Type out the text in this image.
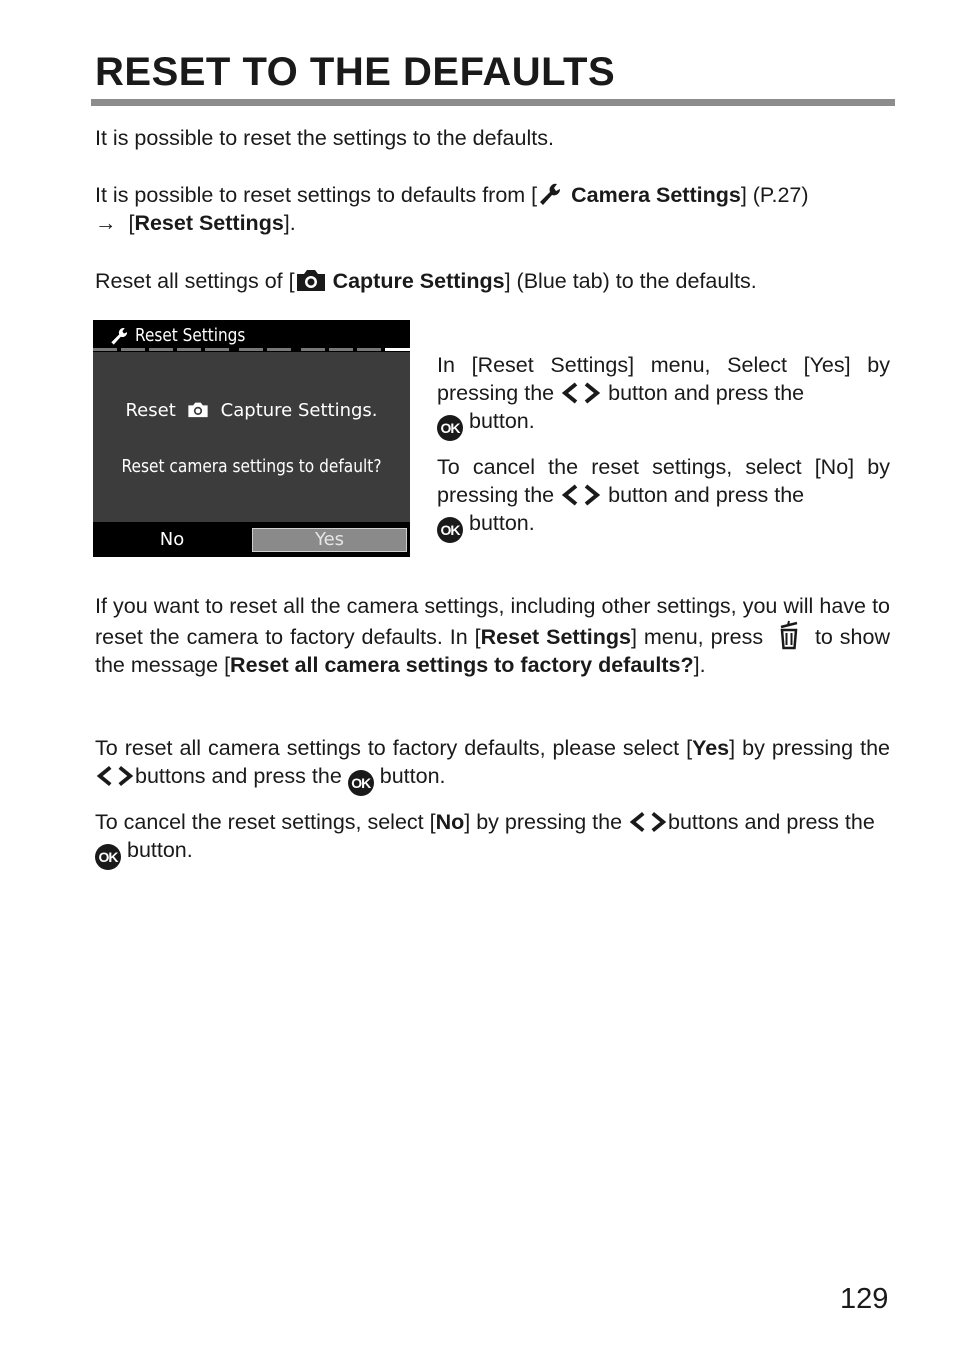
RESET TO THE DEFAULTS

It is possible to reset the settings to the defaults.

It is possible to reset settings to defaults from [ Camera Settings] (P.27)
→ [Reset Settings].

Reset all settings of [ Capture Settings] (Blue tab) to the defaults.

Reset Settings
Reset Capture Settings.
Reset camera settings to default?
No	Yes

In [Reset Settings] menu, Select [Yes] by pressing the	button and press the
OK button.

To cancel the reset settings, select [No] by pressing the	button and press the
OK button.

If you want to reset all the camera settings, including other settings, you will have to reset the camera to factory defaults. In [Reset Settings] menu, press to show the message [Reset all camera settings to factory defaults?].

To reset all camera settings to factory defaults, please select [Yes] by pressing the buttons and press the OK button.

To cancel the reset settings, select [No] by pressing the buttons and press the
OK button.

129
